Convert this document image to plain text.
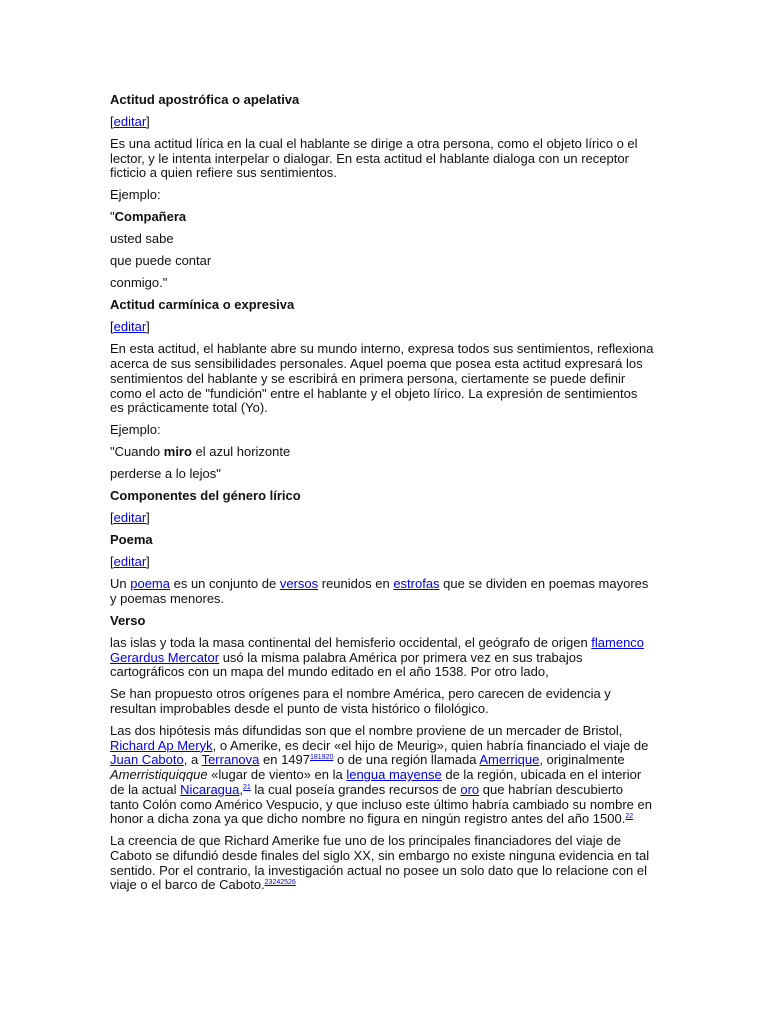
Actitud apostrófica o apelativa

[editar]

Es una actitud lírica en la cual el hablante se dirige a otra persona, como el objeto lírico o el lector, y le intenta interpelar o dialogar. En esta actitud el hablante dialoga con un receptor ficticio a quien refiere sus sentimientos.

Ejemplo:

"Compañera

usted sabe

que puede contar

conmigo."

Actitud carmínica o expresiva

[editar]

En esta actitud, el hablante abre su mundo interno, expresa todos sus sentimientos, reflexiona acerca de sus sensibilidades personales. Aquel poema que posea esta actitud expresará los sentimientos del hablante y se escribirá en primera persona, ciertamente se puede definir como el acto de "fundición" entre el hablante y el objeto lírico. La expresión de sentimientos es prácticamente total (Yo).

Ejemplo:

"Cuando miro el azul horizonte

perderse a lo lejos"

Componentes del género lírico

[editar]

Poema

[editar]

Un poema es un conjunto de versos reunidos en estrofas que se dividen en poemas mayores y poemas menores.

Verso

las islas y toda la masa continental del hemisferio occidental, el geógrafo de origen flamenco Gerardus Mercator usó la misma palabra América por primera vez en sus trabajos cartográficos con un mapa del mundo editado en el año 1538. Por otro lado,

Se han propuesto otros orígenes para el nombre América, pero carecen de evidencia y resultan improbables desde el punto de vista histórico o filológico.

Las dos hipótesis más difundidas son que el nombre proviene de un mercader de Bristol, Richard Ap Meryk, o Amerike, es decir «el hijo de Meurig», quien habría financiado el viaje de Juan Caboto, a Terranova en 1497$^{181920}$ o de una región llamada Amerrique, originalmente Amerristiquiqque «lugar de viento» en la lengua mayense de la región, ubicada en el interior de la actual Nicaragua,$^{21}$ la cual poseía grandes recursos de oro que habrían descubierto tanto Colón como Américo Vespucio, y que incluso este último habría cambiado su nombre en honor a dicha zona ya que dicho nombre no figura en ningún registro antes del año 1500.22

La creencia de que Richard Amerike fue uno de los principales financiadores del viaje de Caboto se difundió desde finales del siglo XX, sin embargo no existe ninguna evidencia en tal sentido. Por el contrario, la investigación actual no posee un solo dato que lo relacione con el viaje o el barco de Caboto.$^{23242526}$
